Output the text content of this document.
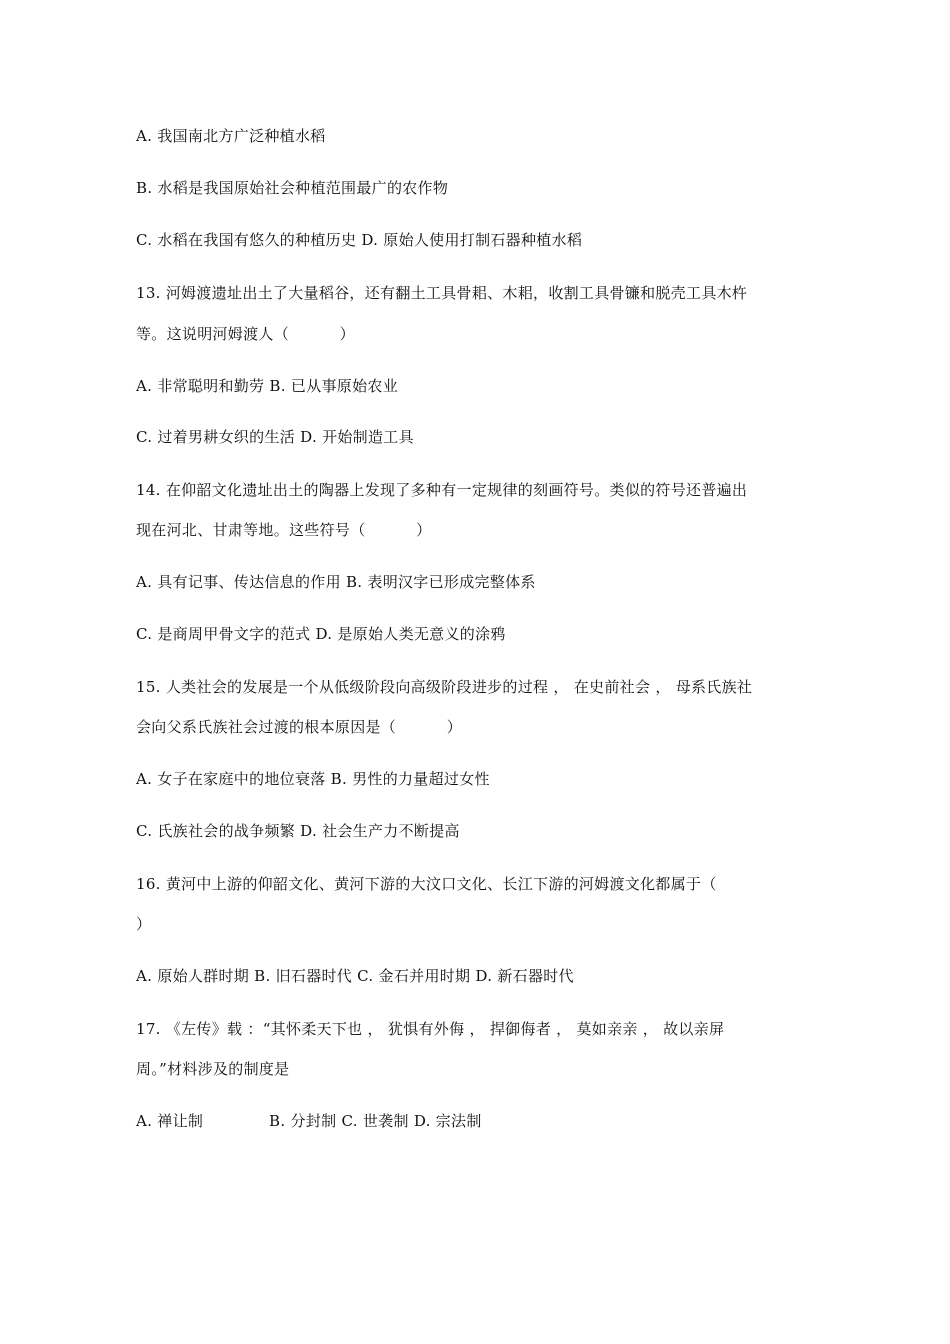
A. 我国南北方广泛种植水稻
B. 水稻是我国原始社会种植范围最广的农作物
C. 水稻在我国有悠久的种植历史 D. 原始人使用打制石器种植水稻
13. 河姆渡遗址出土了大量稻谷，还有翻土工具骨耜、木耜，收割工具骨镰和脱壳工具木杵
等。这说明河姆渡人（          ）
A. 非常聪明和勤劳 B. 已从事原始农业
C. 过着男耕女织的生活 D. 开始制造工具
14. 在仰韶文化遗址出土的陶器上发现了多种有一定规律的刻画符号。类似的符号还普遍出
现在河北、甘肃等地。这些符号（          ）
A. 具有记事、传达信息的作用 B. 表明汉字已形成完整体系
C. 是商周甲骨文字的范式 D. 是原始人类无意义的涂鸦
15. 人类社会的发展是一个从低级阶段向高级阶段进步的过程 ， 在史前社会 ， 母系氏族社
会向父系氏族社会过渡的根本原因是（          ）
A. 女子在家庭中的地位衰落 B. 男性的力量超过女性
C. 氏族社会的战争频繁 D. 社会生产力不断提高
16. 黄河中上游的仰韶文化、黄河下游的大汶口文化、长江下游的河姆渡文化都属于（
）
A. 原始人群时期 B. 旧石器时代 C. 金石并用时期 D. 新石器时代
17. 《左传》载 ：“其怀柔天下也 ， 犹惧有外侮 ， 捍御侮者 ， 莫如亲亲 ， 故以亲屏
周。”材料涉及的制度是
A. 禅让制             B. 分封制 C. 世袭制 D. 宗法制
